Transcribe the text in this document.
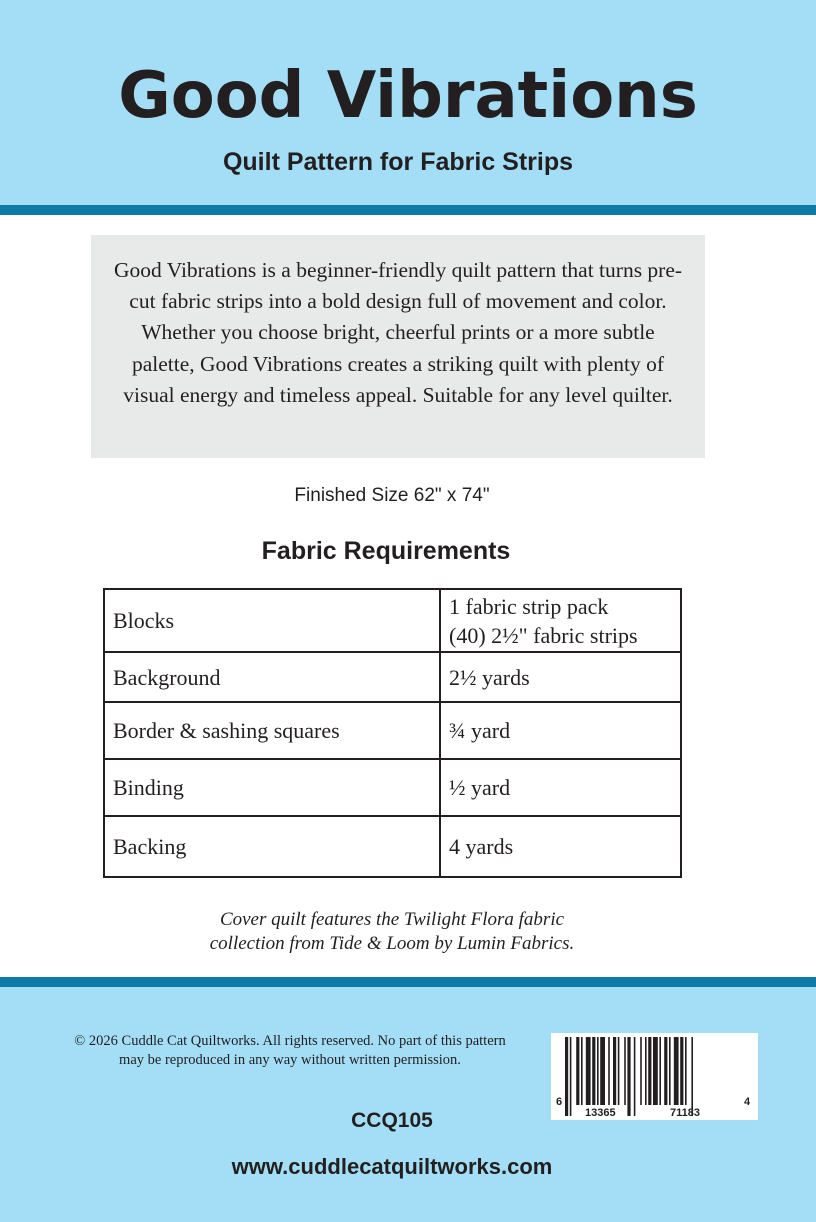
Good Vibrations
Quilt Pattern for Fabric Strips
Good Vibrations is a beginner-friendly quilt pattern that turns pre-cut fabric strips into a bold design full of movement and color. Whether you choose bright, cheerful prints or a more subtle palette, Good Vibrations creates a striking quilt with plenty of visual energy and timeless appeal. Suitable for any level quilter.
Finished Size 62" x 74"
Fabric Requirements
Blocks	1 fabric strip pack
(40) 2½" fabric strips

Background	2½ yards
Border & sashing squares	¾ yard
Binding	½ yard
Backing	4 yards
Cover quilt features the Twilight Flora fabric
collection from Tide & Loom by Lumin Fabrics.
© 2026 Cuddle Cat Quiltworks. All rights reserved. No part of this pattern
may be reproduced in any way without written permission.
6
13365	71183
4
CCQ105
www.cuddlecatquiltworks.com
